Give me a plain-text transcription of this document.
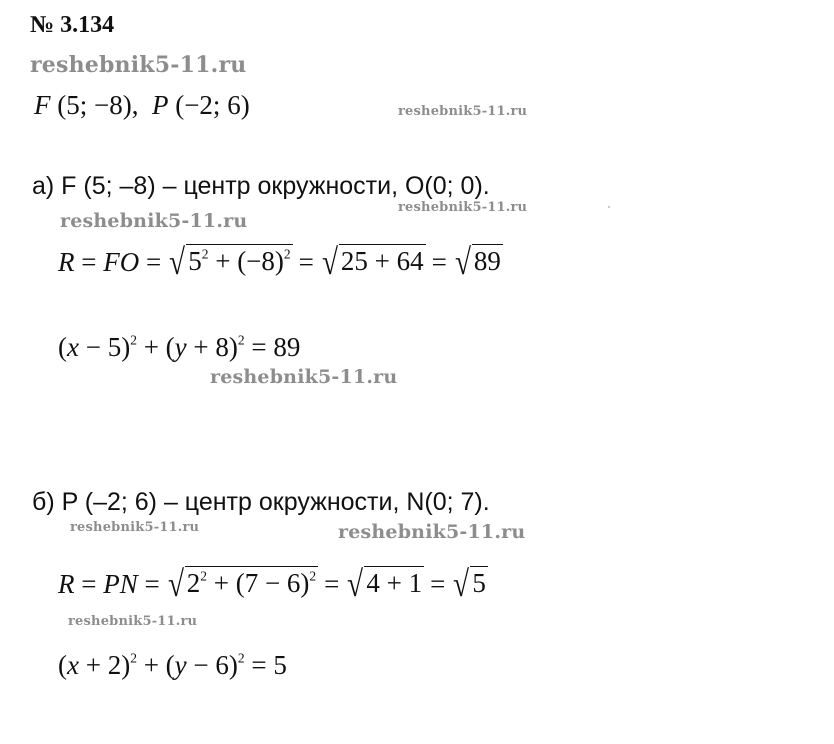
№ 3.134
reshebnik5-11.ru
reshebnik5-11.ru
reshebnik5-11.ru
reshebnik5-11.ru
reshebnik5-11.ru
reshebnik5-11.ru	reshebnik5-11.ru
reshebnik5-11.ru
F (5; −8), P (−2; 6)
а) F (5; –8) – центр окружности, O(0; 0).
R = FO = √ $5^2 + (-8)^2$ = √ 25 + 64 = √ 89
$(x - 5)^2 + (y + 8)^2 = 89$
б) P (–2; 6) – центр окружности, N(0; 7).
R = PN = √ $2^2 + (7 - 6)^2$ = √ 4 + 1 = √ 5
$(x + 2)^2 + (y - 6)^2 = 5$
